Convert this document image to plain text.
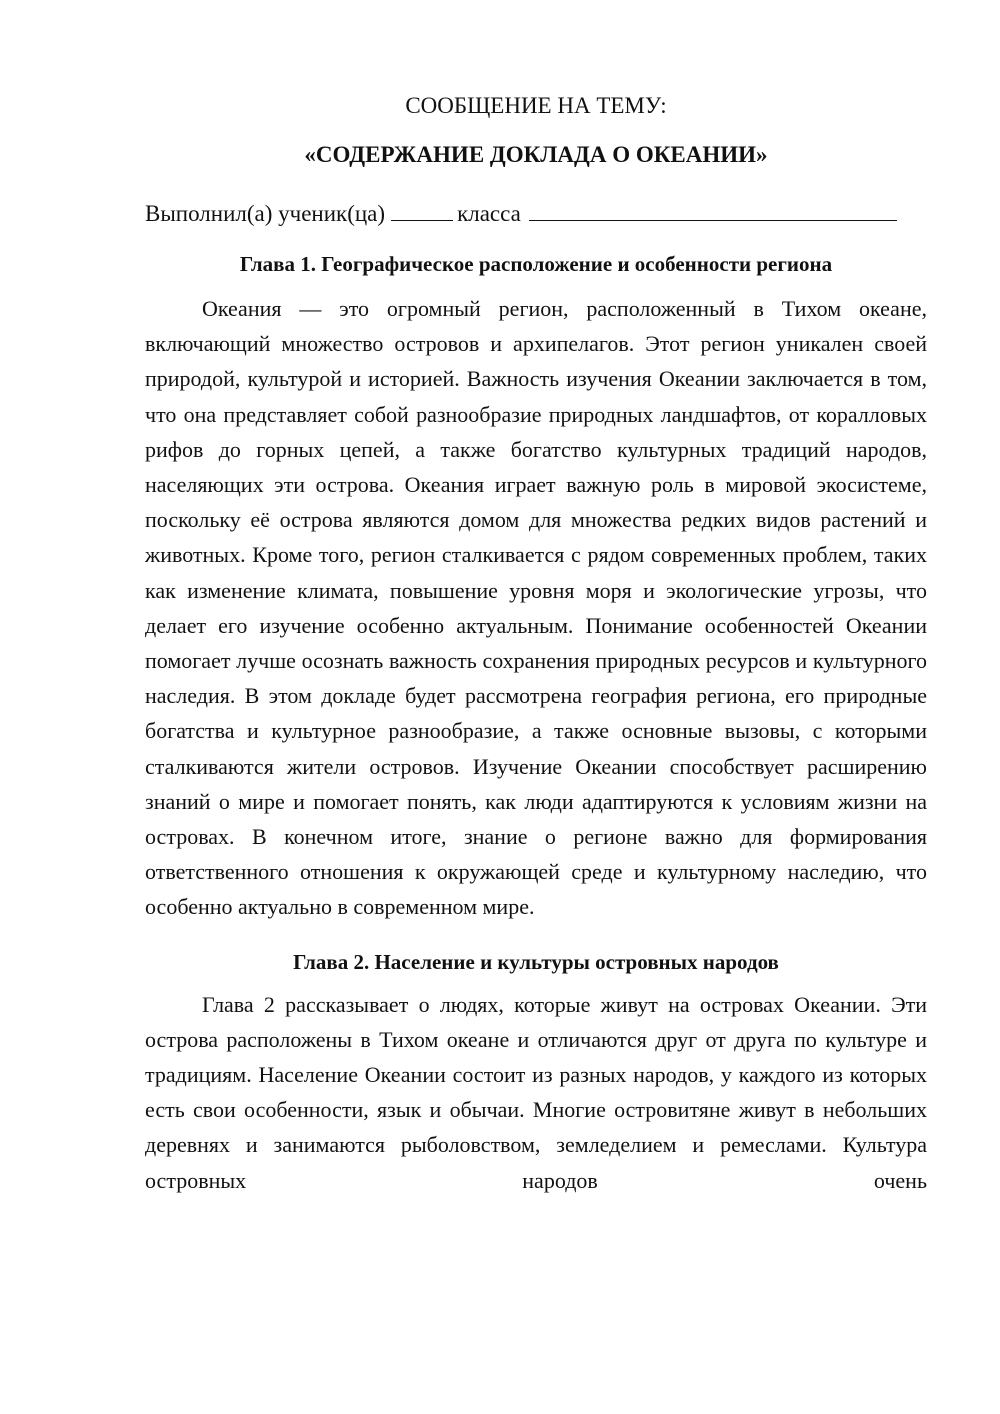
СООБЩЕНИЕ НА ТЕМУ:

«СОДЕРЖАНИЕ ДОКЛАДА О ОКЕАНИИ»

Выполнил(а) ученик(ца)	класса

Глава 1. Географическое расположение и особенности региона

Океания — это огромный регион, расположенный в Тихом океане, включающий множество островов и архипелагов. Этот регион уникален своей природой, культурой и историей. Важность изучения Океании заключается в том, что она представляет собой разнообразие природных ландшафтов, от коралловых рифов до горных цепей, а также богатство культурных традиций народов, населяющих эти острова. Океания играет важную роль в мировой экосистеме, поскольку её острова являются домом для множества редких видов растений и животных. Кроме того, регион сталкивается с рядом современных проблем, таких как изменение климата, повышение уровня моря и экологические угрозы, что делает его изучение особенно актуальным. Понимание особенностей Океании помогает лучше осознать важность сохранения природных ресурсов и культурного наследия. В этом докладе будет рассмотрена география региона, его природные богатства и культурное разнообразие, а также основные вызовы, с которыми сталкиваются жители островов. Изучение Океании способствует расширению знаний о мире и помогает понять, как люди адаптируются к условиям жизни на островах. В конечном итоге, знание о регионе важно для формирования ответственного отношения к окружающей среде и культурному наследию, что особенно актуально в современном мире.

Глава 2. Население и культуры островных народов

Глава 2 рассказывает о людях, которые живут на островах Океании. Эти острова расположены в Тихом океане и отличаются друг от друга по культуре и традициям. Население Океании состоит из разных народов, у каждого из которых есть свои особенности, язык и обычаи. Многие островитяне живут в небольших деревнях и занимаются рыболовством, земледелием и ремеслами. Культура островных народов очень
